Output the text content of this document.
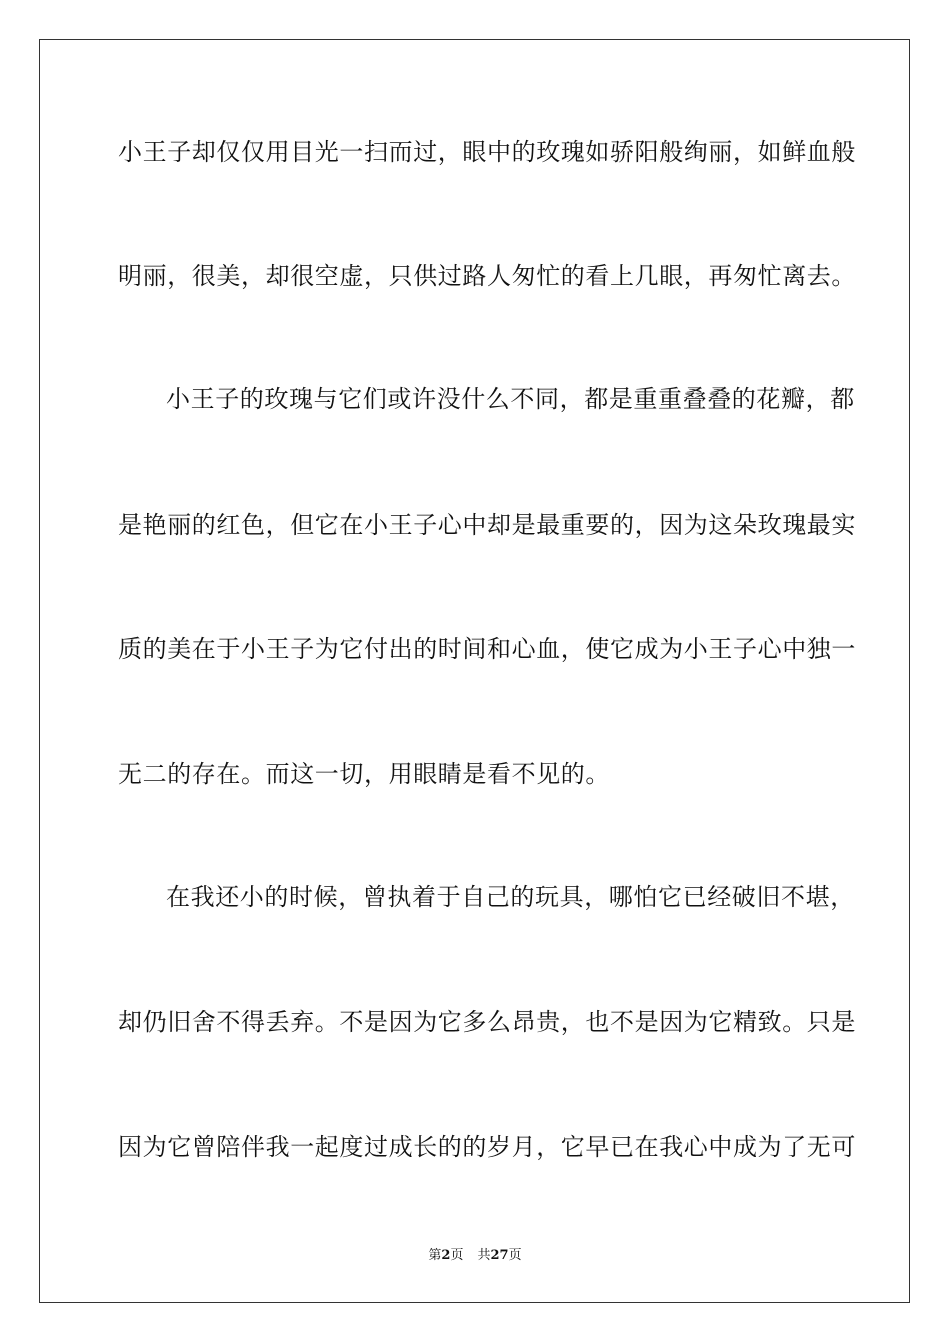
小王子却仅仅用目光一扫而过，眼中的玫瑰如骄阳般绚丽，如鲜血般
明丽，很美，却很空虚，只供过路人匆忙的看上几眼，再匆忙离去。
小王子的玫瑰与它们或许没什么不同，都是重重叠叠的花瓣，都
是艳丽的红色，但它在小王子心中却是最重要的，因为这朵玫瑰最实
质的美在于小王子为它付出的时间和心血，使它成为小王子心中独一
无二的存在。而这一切，用眼睛是看不见的。
在我还小的时候，曾执着于自己的玩具，哪怕它已经破旧不堪，
却仍旧舍不得丢弃。不是因为它多么昂贵，也不是因为它精致。只是
因为它曾陪伴我一起度过成长的的岁月，它早已在我心中成为了无可
第2页 共27页
